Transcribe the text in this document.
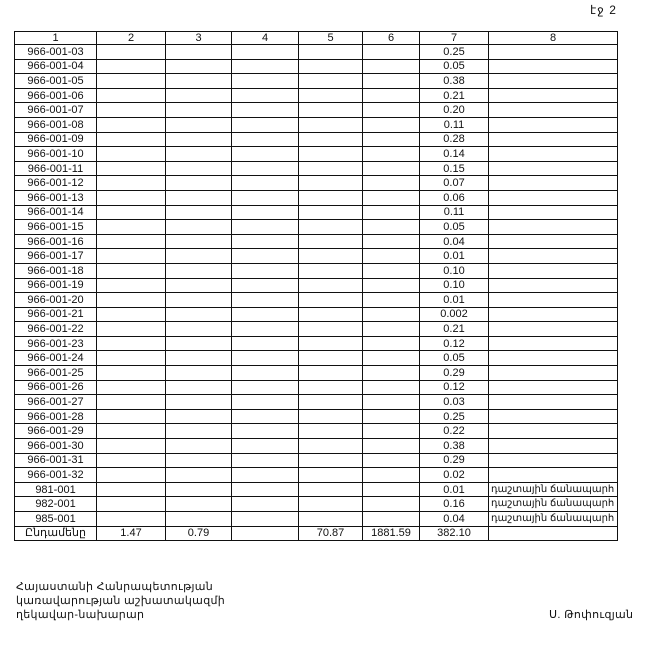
էջ 2
1	2	3	4	5	6	7	8
966-001-03						0.25	
966-001-04						0.05	
966-001-05						0.38	
966-001-06						0.21	
966-001-07						0.20	
966-001-08						0.11	
966-001-09						0.28	
966-001-10						0.14	
966-001-11						0.15	
966-001-12						0.07	
966-001-13						0.06	
966-001-14						0.11	
966-001-15						0.05	
966-001-16						0.04	
966-001-17						0.01	
966-001-18						0.10	
966-001-19						0.10	
966-001-20						0.01	
966-001-21						0.002	
966-001-22						0.21	
966-001-23						0.12	
966-001-24						0.05	
966-001-25						0.29	
966-001-26						0.12	
966-001-27						0.03	
966-001-28						0.25	
966-001-29						0.22	
966-001-30						0.38	
966-001-31						0.29	
966-001-32						0.02	
981-001						0.01	դաշտային ճանապարհ
982-001						0.16	դաշտային ճանապարհ
985-001						0.04	դաշտային ճանապարհ
Ընդամենը	1.47	0.79		70.87	1881.59	382.10	
Հայաստանի Հանրապետության
կառավարության աշխատակազմի
ղեկավար-նախարար	Ս. Թոփուզյան
